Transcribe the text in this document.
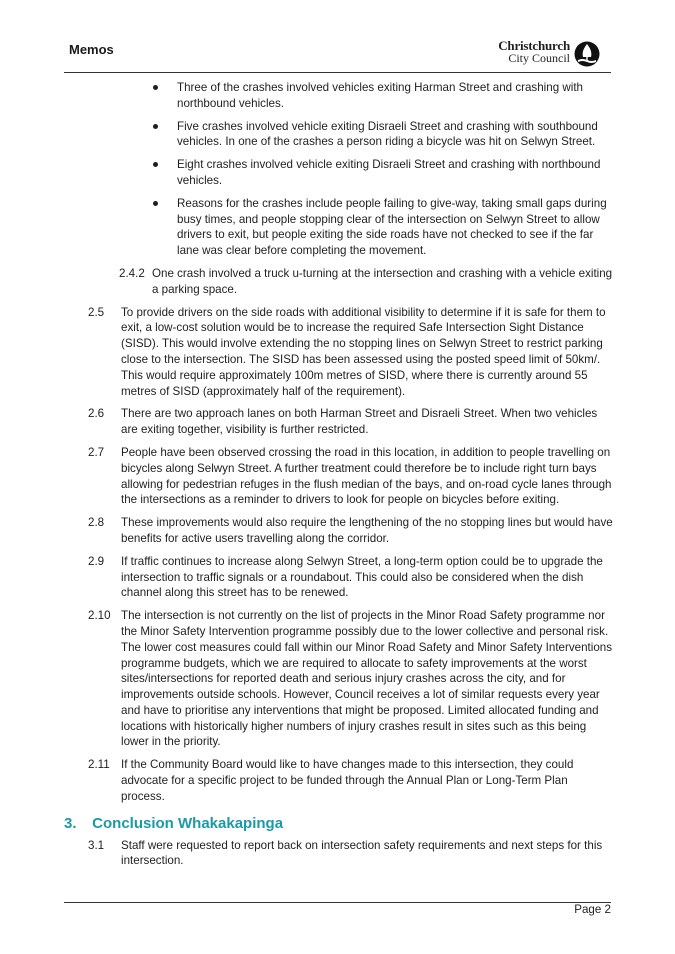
Memos	Christchurch
City Council
Three of the crashes involved vehicles exiting Harman Street and crashing with northbound vehicles.
Five crashes involved vehicle exiting Disraeli Street and crashing with southbound vehicles. In one of the crashes a person riding a bicycle was hit on Selwyn Street.
Eight crashes involved vehicle exiting Disraeli Street and crashing with northbound vehicles.
Reasons for the crashes include people failing to give-way, taking small gaps during busy times, and people stopping clear of the intersection on Selwyn Street to allow drivers to exit, but people exiting the side roads have not checked to see if the far lane was clear before completing the movement.
2.4.2 One crash involved a truck u-turning at the intersection and crashing with a vehicle exiting a parking space.
2.5 To provide drivers on the side roads with additional visibility to determine if it is safe for them to exit, a low-cost solution would be to increase the required Safe Intersection Sight Distance (SISD). This would involve extending the no stopping lines on Selwyn Street to restrict parking close to the intersection. The SISD has been assessed using the posted speed limit of 50km/. This would require approximately 100m metres of SISD, where there is currently around 55 metres of SISD (approximately half of the requirement).
2.6 There are two approach lanes on both Harman Street and Disraeli Street. When two vehicles are exiting together, visibility is further restricted.
2.7 People have been observed crossing the road in this location, in addition to people travelling on bicycles along Selwyn Street. A further treatment could therefore be to include right turn bays allowing for pedestrian refuges in the flush median of the bays, and on-road cycle lanes through the intersections as a reminder to drivers to look for people on bicycles before exiting.
2.8 These improvements would also require the lengthening of the no stopping lines but would have benefits for active users travelling along the corridor.
2.9 If traffic continues to increase along Selwyn Street, a long-term option could be to upgrade the intersection to traffic signals or a roundabout. This could also be considered when the dish channel along this street has to be renewed.
2.10 The intersection is not currently on the list of projects in the Minor Road Safety programme nor the Minor Safety Intervention programme possibly due to the lower collective and personal risk. The lower cost measures could fall within our Minor Road Safety and Minor Safety Interventions programme budgets, which we are required to allocate to safety improvements at the worst sites/intersections for reported death and serious injury crashes across the city, and for improvements outside schools. However, Council receives a lot of similar requests every year and have to prioritise any interventions that might be proposed. Limited allocated funding and locations with historically higher numbers of injury crashes result in sites such as this being lower in the priority.
2.11 If the Community Board would like to have changes made to this intersection, they could advocate for a specific project to be funded through the Annual Plan or Long-Term Plan process.
3. Conclusion Whakakapinga
3.1 Staff were requested to report back on intersection safety requirements and next steps for this intersection.
Page 2
